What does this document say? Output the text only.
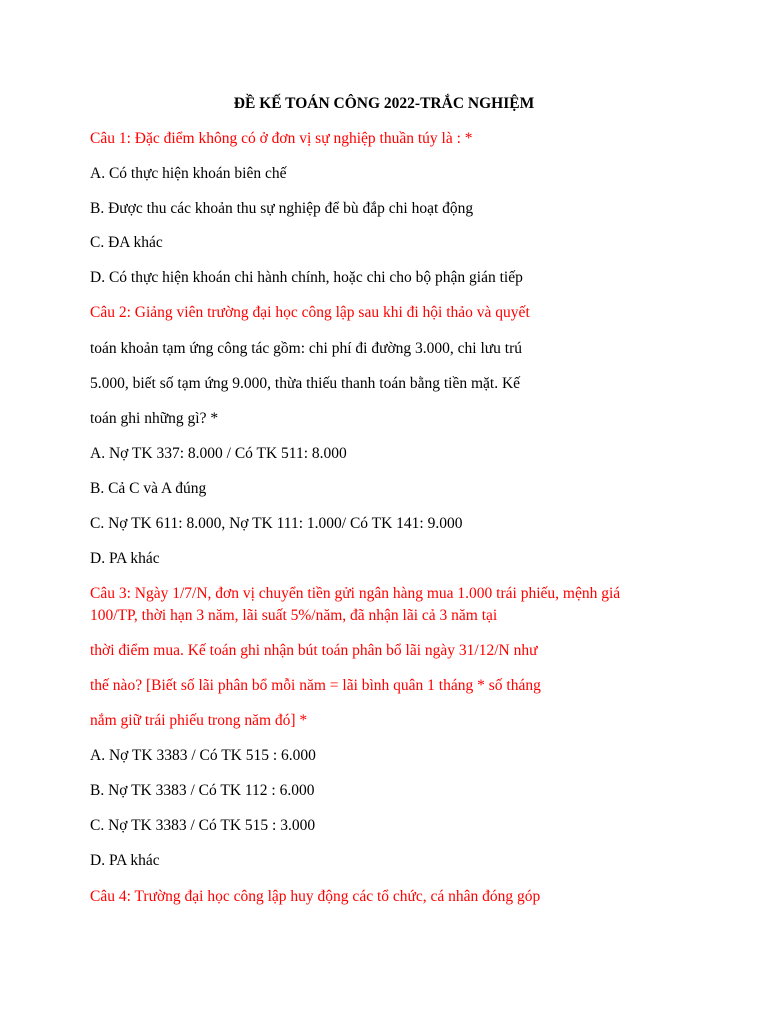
ĐỀ KẾ TOÁN CÔNG 2022-TRẮC NGHIỆM
Câu 1: Đặc điểm không có ở đơn vị sự nghiệp thuần túy là : *
A. Có thực hiện khoán biên chế
B. Được thu các khoản thu sự nghiệp để bù đắp chi hoạt động
C. ĐA khác
D. Có thực hiện khoán chi hành chính, hoặc chi cho bộ phận gián tiếp
Câu 2: Giảng viên trường đại học công lập sau khi đi hội thảo và quyết
toán khoản tạm ứng công tác gồm: chi phí đi đường 3.000, chi lưu trú
5.000, biết số tạm ứng 9.000, thừa thiếu thanh toán bằng tiền mặt. Kế
toán ghi những gì? *
A. Nợ TK 337: 8.000 / Có TK 511: 8.000
B. Cả C và A đúng
C. Nợ TK 611: 8.000, Nợ TK 111: 1.000/ Có TK 141: 9.000
D. PA khác
Câu 3: Ngày 1/7/N, đơn vị chuyển tiền gửi ngân hàng mua 1.000 trái phiếu, mệnh giá
100/TP, thời hạn 3 năm, lãi suất 5%/năm, đã nhận lãi cả 3 năm tại
thời điểm mua. Kế toán ghi nhận bút toán phân bổ lãi ngày 31/12/N như
thế nào? [Biết số lãi phân bổ mỗi năm = lãi bình quân 1 tháng * số tháng
nắm giữ trái phiếu trong năm đó] *
A. Nợ TK 3383 / Có TK 515 : 6.000
B. Nợ TK 3383 / Có TK 112 : 6.000
C. Nợ TK 3383 / Có TK 515 : 3.000
D. PA khác
Câu 4: Trường đại học công lập huy động các tổ chức, cá nhân đóng góp
